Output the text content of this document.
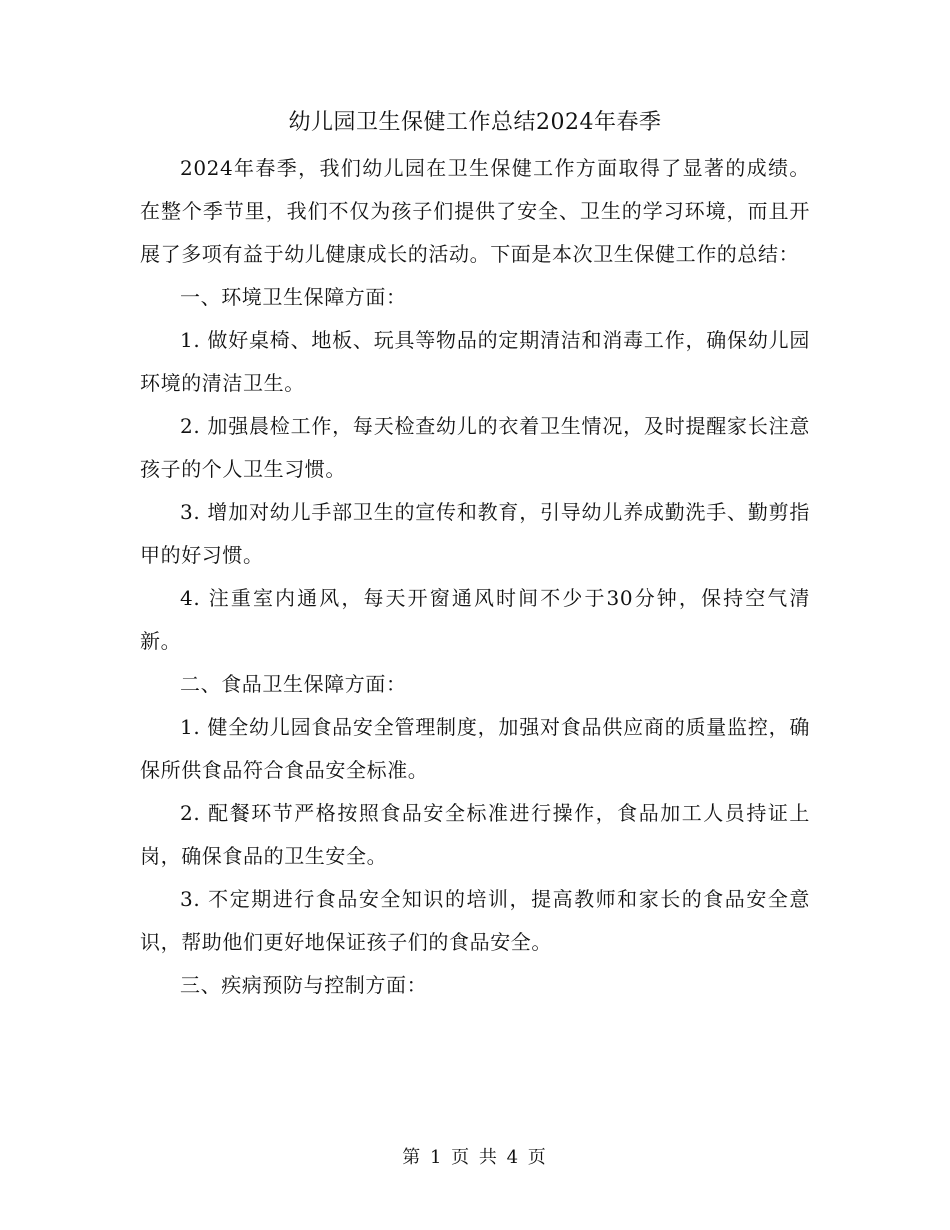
幼儿园卫生保健工作总结2024年春季

2024年春季，我们幼儿园在卫生保健工作方面取得了显著的成绩。在整个季节里，我们不仅为孩子们提供了安全、卫生的学习环境，而且开展了多项有益于幼儿健康成长的活动。下面是本次卫生保健工作的总结：

一、环境卫生保障方面：

1. 做好桌椅、地板、玩具等物品的定期清洁和消毒工作，确保幼儿园环境的清洁卫生。

2. 加强晨检工作，每天检查幼儿的衣着卫生情况，及时提醒家长注意孩子的个人卫生习惯。

3. 增加对幼儿手部卫生的宣传和教育，引导幼儿养成勤洗手、勤剪指甲的好习惯。

4. 注重室内通风，每天开窗通风时间不少于30分钟，保持空气清新。

二、食品卫生保障方面：

1. 健全幼儿园食品安全管理制度，加强对食品供应商的质量监控，确保所供食品符合食品安全标准。

2. 配餐环节严格按照食品安全标准进行操作，食品加工人员持证上岗，确保食品的卫生安全。

3. 不定期进行食品安全知识的培训，提高教师和家长的食品安全意识，帮助他们更好地保证孩子们的食品安全。

三、疾病预防与控制方面：

第 1 页 共 4 页
